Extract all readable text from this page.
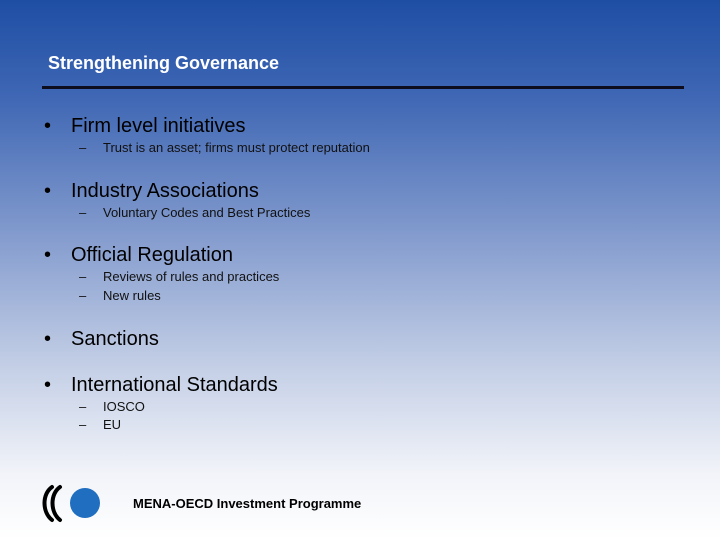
Strengthening Governance
• Firm level initiatives
– Trust is an asset; firms must protect reputation
• Industry Associations
– Voluntary Codes and Best Practices
• Official Regulation
– Reviews of rules and practices
– New rules
• Sanctions
• International Standards
– IOSCO
– EU
MENA-OECD Investment Programme
